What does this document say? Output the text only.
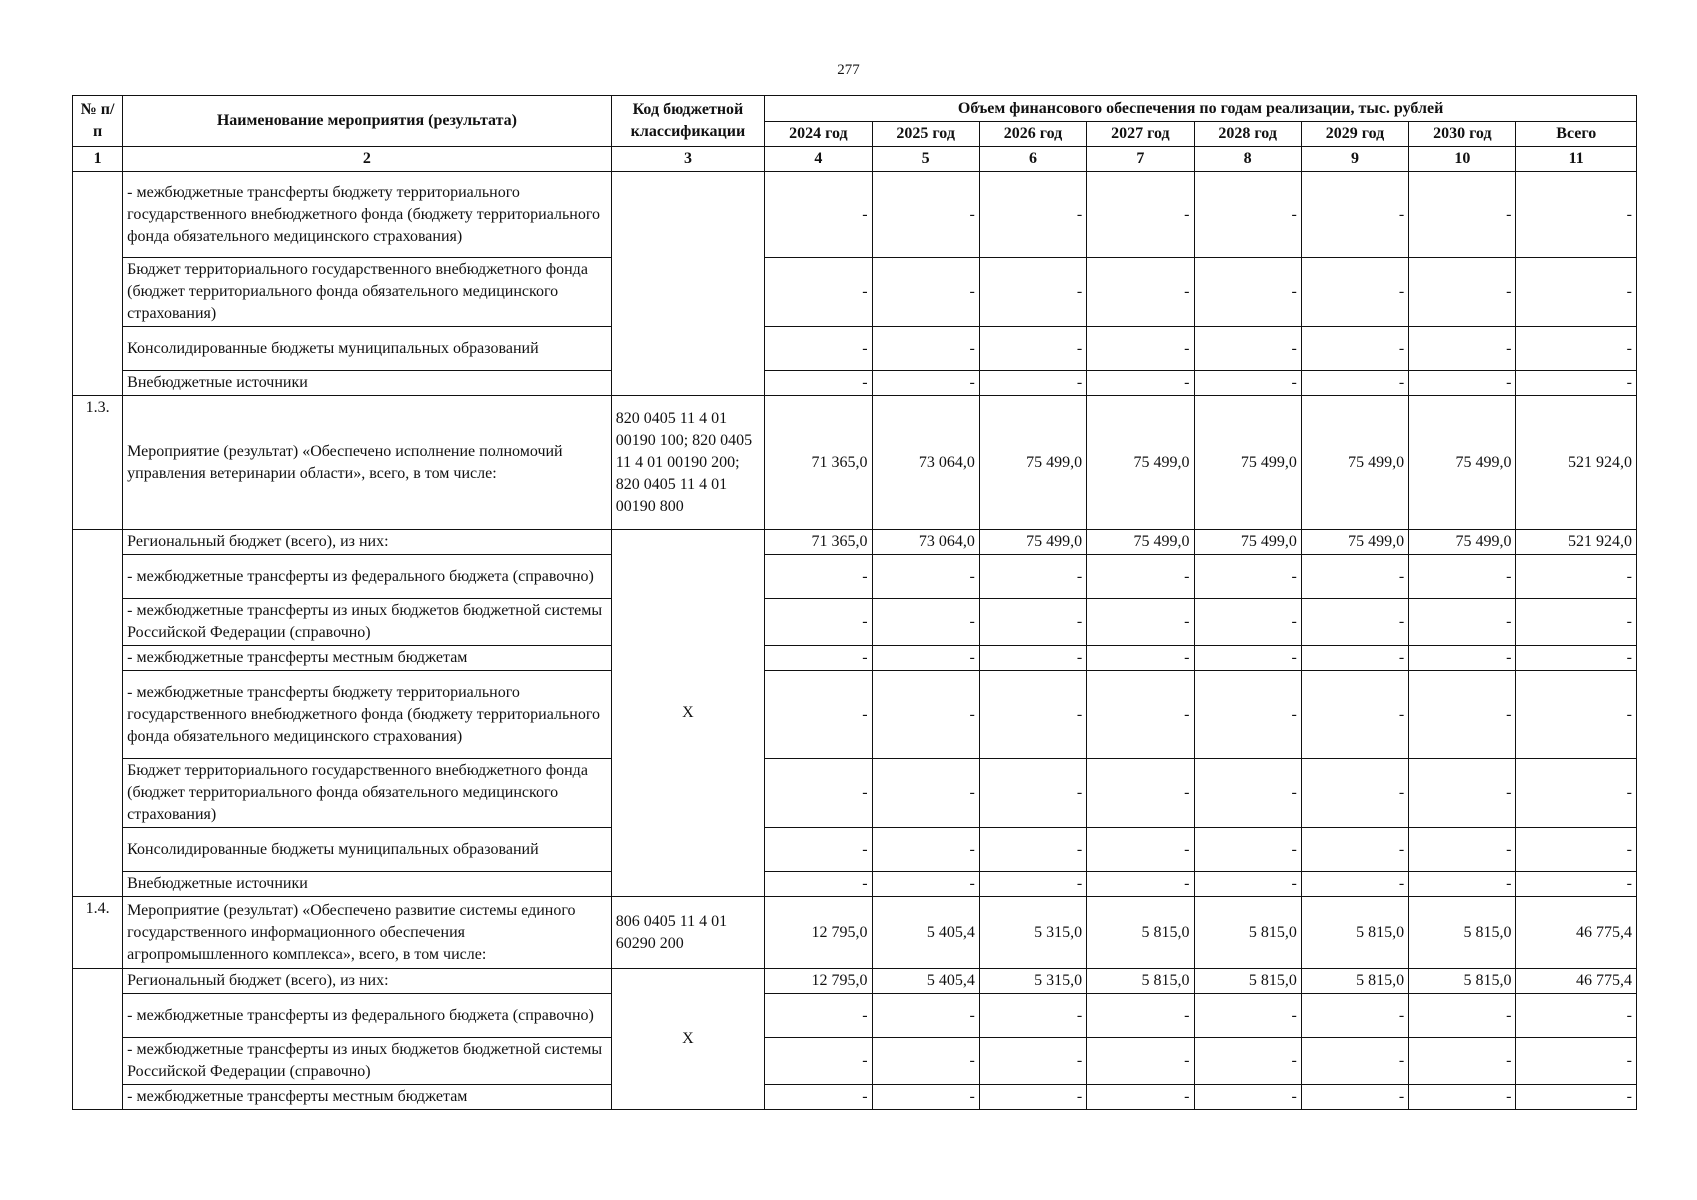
277
№ п/п	Наименование мероприятия (результата)	Код бюджетной классификации	Объем финансового обеспечения по годам реализации, тыс. рублей							
			2024 год	2025 год	2026 год	2027 год	2028 год	2029 год	2030 год	Всего
1	2	3	4	5	6	7	8	9	10	11
	- межбюджетные трансферты бюджету территориального государственного внебюджетного фонда (бюджету территориального фонда обязательного медицинского страхования)		-	-	-	-	-	-	-	-
	Бюджет территориального государственного внебюджетного фонда (бюджет территориального фонда обязательного медицинского страхования)		-	-	-	-	-	-	-	-
	Консолидированные бюджеты муниципальных образований		-	-	-	-	-	-	-	-
	Внебюджетные источники		-	-	-	-	-	-	-	-
1.3.	Мероприятие (результат) «Обеспечено исполнение полномочий управления ветеринарии области», всего, в том числе:	820 0405 11 4 01 00190 100; 820 0405 11 4 01 00190 200; 820 0405 11 4 01 00190 800	71 365,0	73 064,0	75 499,0	75 499,0	75 499,0	75 499,0	75 499,0	521 924,0
	Региональный бюджет (всего), из них:	X	71 365,0	73 064,0	75 499,0	75 499,0	75 499,0	75 499,0	75 499,0	521 924,0
	- межбюджетные трансферты из федерального бюджета (справочно)		-	-	-	-	-	-	-	-
	- межбюджетные трансферты из иных бюджетов бюджетной системы Российской Федерации (справочно)		-	-	-	-	-	-	-	-
	- межбюджетные трансферты местным бюджетам		-	-	-	-	-	-	-	-
	- межбюджетные трансферты бюджету территориального государственного внебюджетного фонда (бюджету территориального фонда обязательного медицинского страхования)		-	-	-	-	-	-	-	-
	Бюджет территориального государственного внебюджетного фонда (бюджет территориального фонда обязательного медицинского страхования)		-	-	-	-	-	-	-	-
	Консолидированные бюджеты муниципальных образований		-	-	-	-	-	-	-	-
	Внебюджетные источники		-	-	-	-	-	-	-	-
1.4.	Мероприятие (результат) «Обеспечено развитие системы единого государственного информационного обеспечения агропромышленного комплекса», всего, в том числе:	806 0405 11 4 01 60290 200	12 795,0	5 405,4	5 315,0	5 815,0	5 815,0	5 815,0	5 815,0	46 775,4
	Региональный бюджет (всего), из них:	X	12 795,0	5 405,4	5 315,0	5 815,0	5 815,0	5 815,0	5 815,0	46 775,4
	- межбюджетные трансферты из федерального бюджета (справочно)		-	-	-	-	-	-	-	-
	- межбюджетные трансферты из иных бюджетов бюджетной системы Российской Федерации (справочно)		-	-	-	-	-	-	-	-
	- межбюджетные трансферты местным бюджетам		-	-	-	-	-	-	-	-
